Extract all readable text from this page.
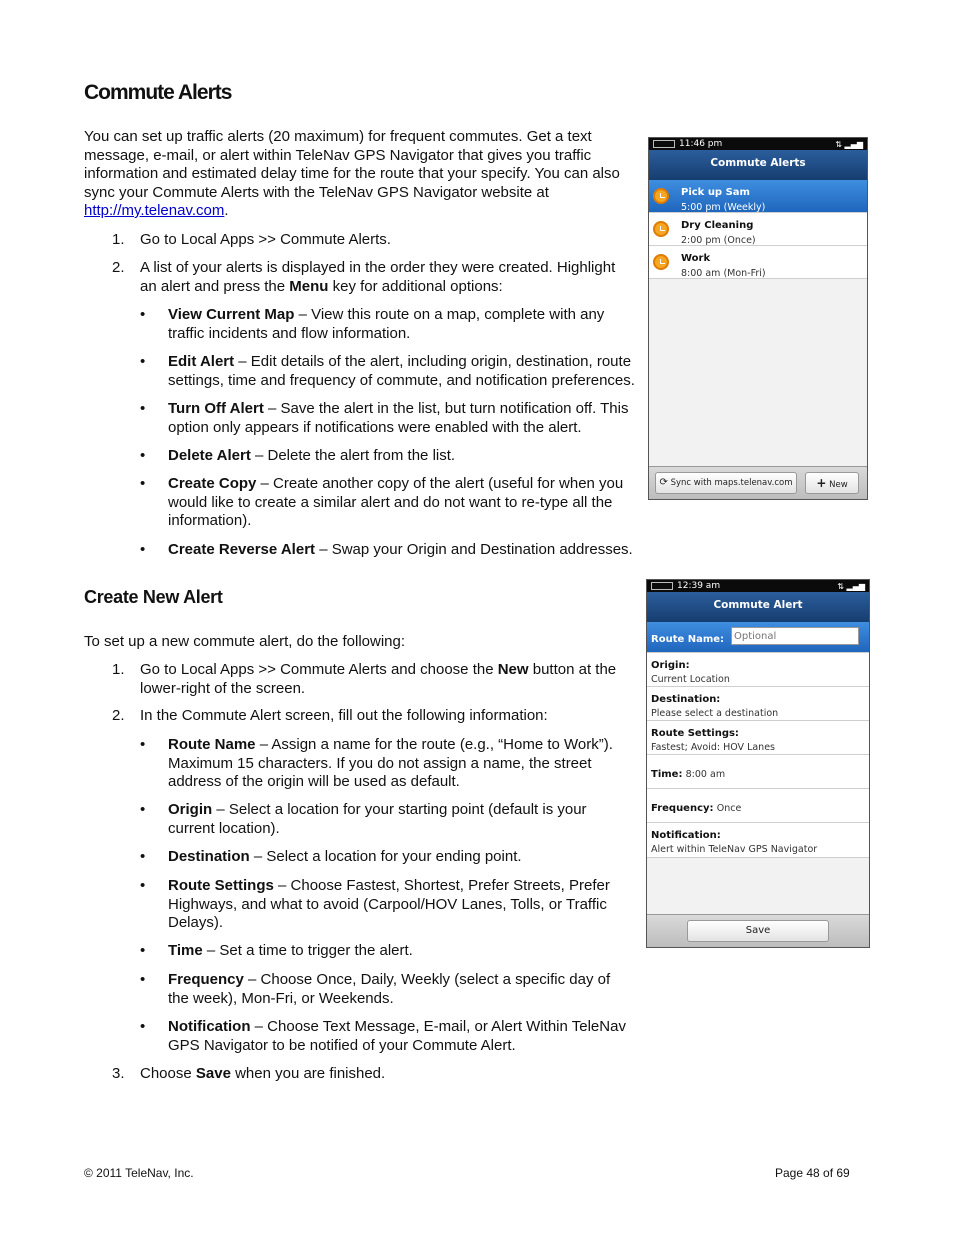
Commute Alerts
You can set up traffic alerts (20 maximum) for frequent commutes. Get a text message, e-mail, or alert within TeleNav GPS Navigator that gives you traffic information and estimated delay time for the route that your specify. You can also sync your Commute Alerts with the TeleNav GPS Navigator website at http://my.telenav.com.
1. Go to Local Apps >> Commute Alerts.
2. A list of your alerts is displayed in the order they were created. Highlight an alert and press the Menu key for additional options:
• View Current Map – View this route on a map, complete with any traffic incidents and flow information.
• Edit Alert – Edit details of the alert, including origin, destination, route settings, time and frequency of commute, and notification preferences.
• Turn Off Alert – Save the alert in the list, but turn notification off. This option only appears if notifications were enabled with the alert.
• Delete Alert – Delete the alert from the list.
• Create Copy – Create another copy of the alert (useful for when you would like to create a similar alert and do not want to re-type all the information).
• Create Reverse Alert – Swap your Origin and Destination addresses.
Create New Alert
To set up a new commute alert, do the following:
1. Go to Local Apps >> Commute Alerts and choose the New button at the lower-right of the screen.
2. In the Commute Alert screen, fill out the following information:
• Route Name – Assign a name for the route (e.g., “Home to Work”). Maximum 15 characters. If you do not assign a name, the street address of the origin will be used as default.
• Origin – Select a location for your starting point (default is your current location).
• Destination – Select a location for your ending point.
• Route Settings – Choose Fastest, Shortest, Prefer Streets, Prefer Highways, and what to avoid (Carpool/HOV Lanes, Tolls, or Traffic Delays).
• Time – Set a time to trigger the alert.
• Frequency – Choose Once, Daily, Weekly (select a specific day of the week), Mon-Fri, or Weekends.
• Notification – Choose Text Message, E-mail, or Alert Within TeleNav GPS Navigator to be notified of your Commute Alert.
3. Choose Save when you are finished.
© 2011 TeleNav, Inc.	Page 48 of 69
11:46 pm	⇅ ▂▄▆
Commute Alerts
Pick up Sam
5:00 pm (Weekly)
Dry Cleaning
2:00 pm (Once)
Work
8:00 am (Mon-Fri)
⟳ Sync with maps.telenav.com	+ New
12:39 am	⇅ ▂▄▆
Commute Alert
Route Name:
Optional
Origin:
Current Location
Destination:
Please select a destination
Route Settings:
Fastest; Avoid: HOV Lanes
Time: 8:00 am
Frequency: Once
Notification:
Alert within TeleNav GPS Navigator
Save
